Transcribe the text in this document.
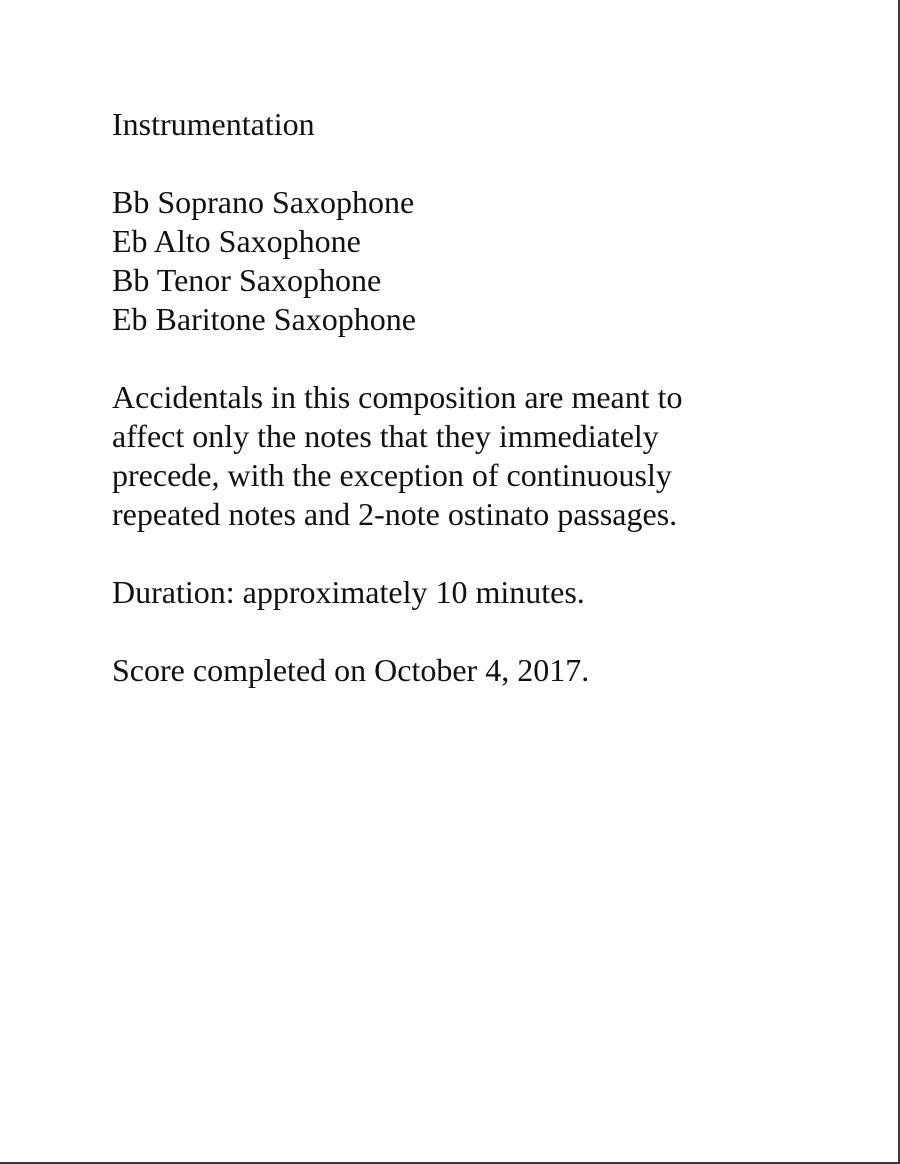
Instrumentation

Bb Soprano Saxophone

Eb Alto Saxophone

Bb Tenor Saxophone

Eb Baritone Saxophone

Accidentals in this composition are meant to

affect only the notes that they immediately

precede, with the exception of continuously

repeated notes and 2-note ostinato passages.

Duration: approximately 10 minutes.

Score completed on October 4, 2017.
